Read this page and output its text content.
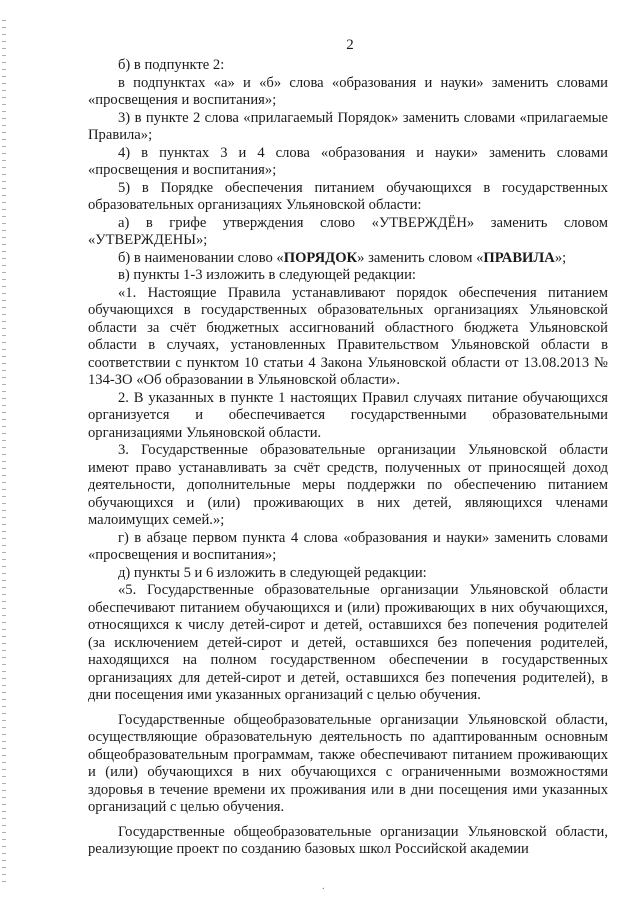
2

б) в подпункте 2:

в подпунктах «а» и «б» слова «образования и науки» заменить словами «просвещения и воспитания»;

3) в пункте 2 слова «прилагаемый Порядок» заменить словами «прилагаемые Правила»;

4) в пунктах 3 и 4 слова «образования и науки» заменить словами «просвещения и воспитания»;

5) в Порядке обеспечения питанием обучающихся в государственных образовательных организациях Ульяновской области:

а) в грифе утверждения слово «УТВЕРЖДЁН» заменить словом «УТВЕРЖДЕНЫ»;

б) в наименовании слово «ПОРЯДОК» заменить словом «ПРАВИЛА»;

в) пункты 1-3 изложить в следующей редакции:

«1. Настоящие Правила устанавливают порядок обеспечения питанием обучающихся в государственных образовательных организациях Ульяновской области за счёт бюджетных ассигнований областного бюджета Ульяновской области в случаях, установленных Правительством Ульяновской области в соответствии с пунктом 10 статьи 4 Закона Ульяновской области от 13.08.2013 № 134-ЗО «Об образовании в Ульяновской области».

2. В указанных в пункте 1 настоящих Правил случаях питание обучающихся организуется и обеспечивается государственными образовательными организациями Ульяновской области.

3. Государственные образовательные организации Ульяновской области имеют право устанавливать за счёт средств, полученных от приносящей доход деятельности, дополнительные меры поддержки по обеспечению питанием обучающихся и (или) проживающих в них детей, являющихся членами малоимущих семей.»;

г) в абзаце первом пункта 4 слова «образования и науки» заменить словами «просвещения и воспитания»;

д) пункты 5 и 6 изложить в следующей редакции:

«5. Государственные образовательные организации Ульяновской области обеспечивают питанием обучающихся и (или) проживающих в них обучающихся, относящихся к числу детей-сирот и детей, оставшихся без попечения родителей (за исключением детей-сирот и детей, оставшихся без попечения родителей, находящихся на полном государственном обеспечении в государственных организациях для детей-сирот и детей, оставшихся без попечения родителей), в дни посещения ими указанных организаций с целью обучения.

Государственные общеобразовательные организации Ульяновской области, осуществляющие образовательную деятельность по адаптированным основным общеобразовательным программам, также обеспечивают питанием проживающих и (или) обучающихся в них обучающихся с ограниченными возможностями здоровья в течение времени их проживания или в дни посещения ими указанных организаций с целью обучения.

Государственные общеобразовательные организации Ульяновской области, реализующие проект по созданию базовых школ Российской академии

.
